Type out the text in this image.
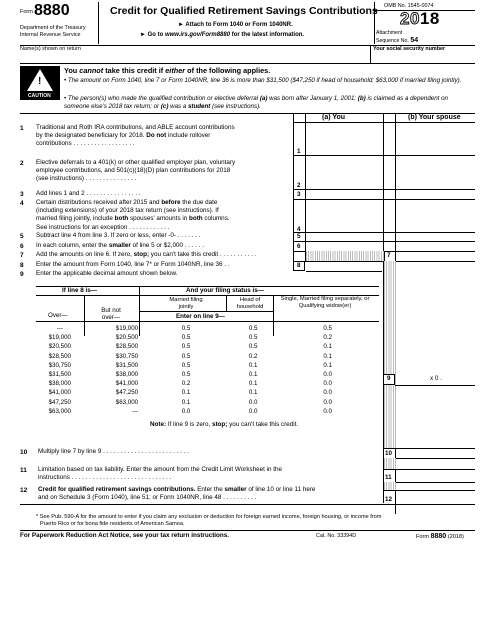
Form 8880
Department of the Treasury
Internal Revenue Service
Credit for Qualified Retirement Savings Contributions
► Attach to Form 1040 or Form 1040NR.
► Go to www.irs.gov/Form8880 for the latest information.
OMB No. 1545-0074
2018
Attachment
Sequence No. 54
Name(s) shown on return	Your social security number
!
CAUTION
You cannot take this credit if either of the following applies.
• The amount on Form 1040, line 7 or Form 1040NR, line 36 is more than $31,500 ($47,250 if head of household; $63,000 if married filing jointly).
• The person(s) who made the qualified contribution or elective deferral (a) was born after January 1, 2001; (b) is claimed as a dependent on someone else's 2018 tax return; or (c) was a student (see instructions).
(a) You	(b) Your spouse
1	Traditional and Roth IRA contributions, and ABLE account contributions
by the designated beneficiary for 2018. Do not include rollover
contributions . . . . . . . . . . . . . . . . . .
1
2	Elective deferrals to a 401(k) or other qualified employer plan, voluntary
employee contributions, and 501(c)(18)(D) plan contributions for 2018
(see instructions) . . . . . . . . . . . . . . .
2
3	Add lines 1 and 2 . . . . . . . . . . . . . . . .	3
4	Certain distributions received after 2015 and before the due date
(including extensions) of your 2018 tax return (see instructions). If
married filing jointly, include both spouses' amounts in both columns.
See instructions for an exception . . . . . . . . . . . .	4
5	Subtract line 4 from line 3. If zero or less, enter -0- . . . . . . .	5
6	In each column, enter the smaller of line 5 or $2,000 . . . . . .	6
7	Add the amounts on line 6. If zero, stop; you can't take this credit . . . . . . . . . . .	7
8	Enter the amount from Form 1040, line 7* or Form 1040NR, line 36 . .	8
9	Enter the applicable decimal amount shown below.
If line 8 is—	And your filing status is—
Over—
But not over—
Married filing jointly
Head of household
Single, Married filing separately, or Qualifying widow(er)
Enter on line 9—
---	$19,000	0.5	0.5	0.5
$19,000	$20,500	0.5	0.5	0.2
$20,500	$28,500	0.5	0.5	0.1
$28,500	$30,750	0.5	0.2	0.1
$30,750	$31,500	0.5	0.1	0.1
$31,500	$38,000	0.5	0.1	0.0
$38,000	$41,000	0.2	0.1	0.0
$41,000	$47,250	0.1	0.1	0.0
$47,250	$63,000	0.1	0.0	0.0
$63,000	---	0.0	0.0	0.0
Note: If line 9 is zero, stop; you can't take this credit.
9	x 0 .
10	Multiply line 7 by line 9 . . . . . . . . . . . . . . . . . . . . . . . . .	10
11	Limitation based on tax liability. Enter the amount from the Credit Limit Worksheet in the
instructions . . . . . . . . . . . . . . . . . . . . . . . . . . . . .	11
12	Credit for qualified retirement savings contributions. Enter the smaller of line 10 or line 11 here
and on Schedule 3 (Form 1040), line 51; or Form 1040NR, line 48 . . . . . . . . . .	12
* See Pub. 590-A for the amount to enter if you claim any exclusion or deduction for foreign earned income, foreign housing, or income from
Puerto Rico or for bona fide residents of American Samoa.
For Paperwork Reduction Act Notice, see your tax return instructions.	Cat. No. 33394D	Form 8880 (2018)
